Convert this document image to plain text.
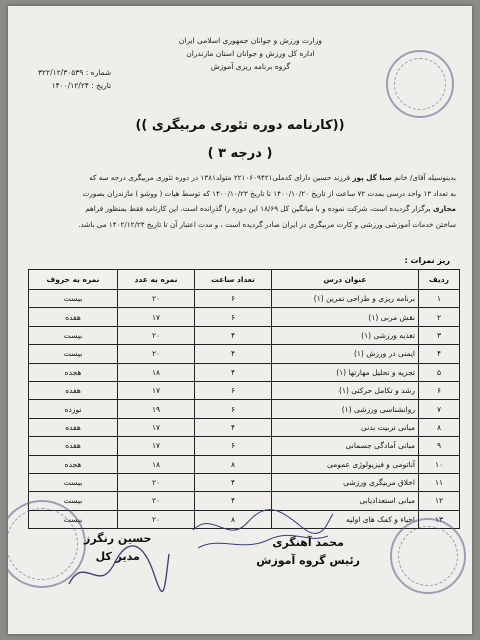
وزارت ورزش و جوانان جمهوری اسلامی ایران
اداره کل ورزش و جوانان استان مازندران
گروه برنامه ریزی آموزش
شماره : ۳۲۲/۱۲/۳۰۵۳۹
تاریخ : ۱۴۰۰/۱۲/۲۴
((کارنامه دوره تئوری مربیگری ))
( درجه ۳ )
بدینوسیله آقای/ خانم صبا گل پور فرزند حسین دارای کدملی۲۲۱۰۶۰۹۴۲۱ متولد۱۳۸۱ در دوره تئوری مربیگری درجه سه که
به تعداد ۱۳ واحد درسی بمدت ۷۲ ساعت از تاریخ ۱۴۰۰/۱۰/۲۰ تا تاریخ ۱۴۰۰/۱۰/۲۳ که توسط هیات ( ووشو ) مازندران بصورت
مجازی برگزار گردیده است، شرکت نموده و با میانگین کل ۱۸/۶۹ این دوره را گذرانده است. این کارنامه فقط بمنظور فراهم
ساختن خدمات آموزشی ورزشی و کارت مربیگری در ایران صادر گردیده است ، و مدت اعتبار آن تا تاریخ ۱۴۰۲/۱۲/۲۴ می باشد.
ریز نمرات :
ردیف	عنوان درس	تعداد ساعت	نمره به عدد	نمره به حروف
۱	برنامه ریزی و طراحی تمرین (۱)	۶	۲۰	بیست
۲	نقش مربی (۱)	۶	۱۷	هفده
۳	تغذیه ورزشی (۱)	۴	۲۰	بیست
۴	ایمنی در ورزش (۱)	۴	۲۰	بیست
۵	تجزیه و تحلیل مهارتها (۱)	۴	۱۸	هجده
۶	رشد و تکامل حرکتی (۱)	۶	۱۷	هفده
۷	روانشناسی ورزشی (۱)	۶	۱۹	نوزده
۸	مبانی تربیت بدنی	۴	۱۷	هفده
۹	مبانی آمادگی جسمانی	۶	۱۷	هفده
۱۰	آناتومی و فیزیولوژی عمومی	۸	۱۸	هجده
۱۱	اخلاق مربیگری ورزشی	۴	۲۰	بیست
۱۲	مبانی استعدادیابی	۴	۲۰	بیست
۱۳	احیاء و کمک های اولیه	۸	۲۰	بیست
محمد آهنگری
رئیس گروه آموزش
حسین رنگرز
مدیر کل
